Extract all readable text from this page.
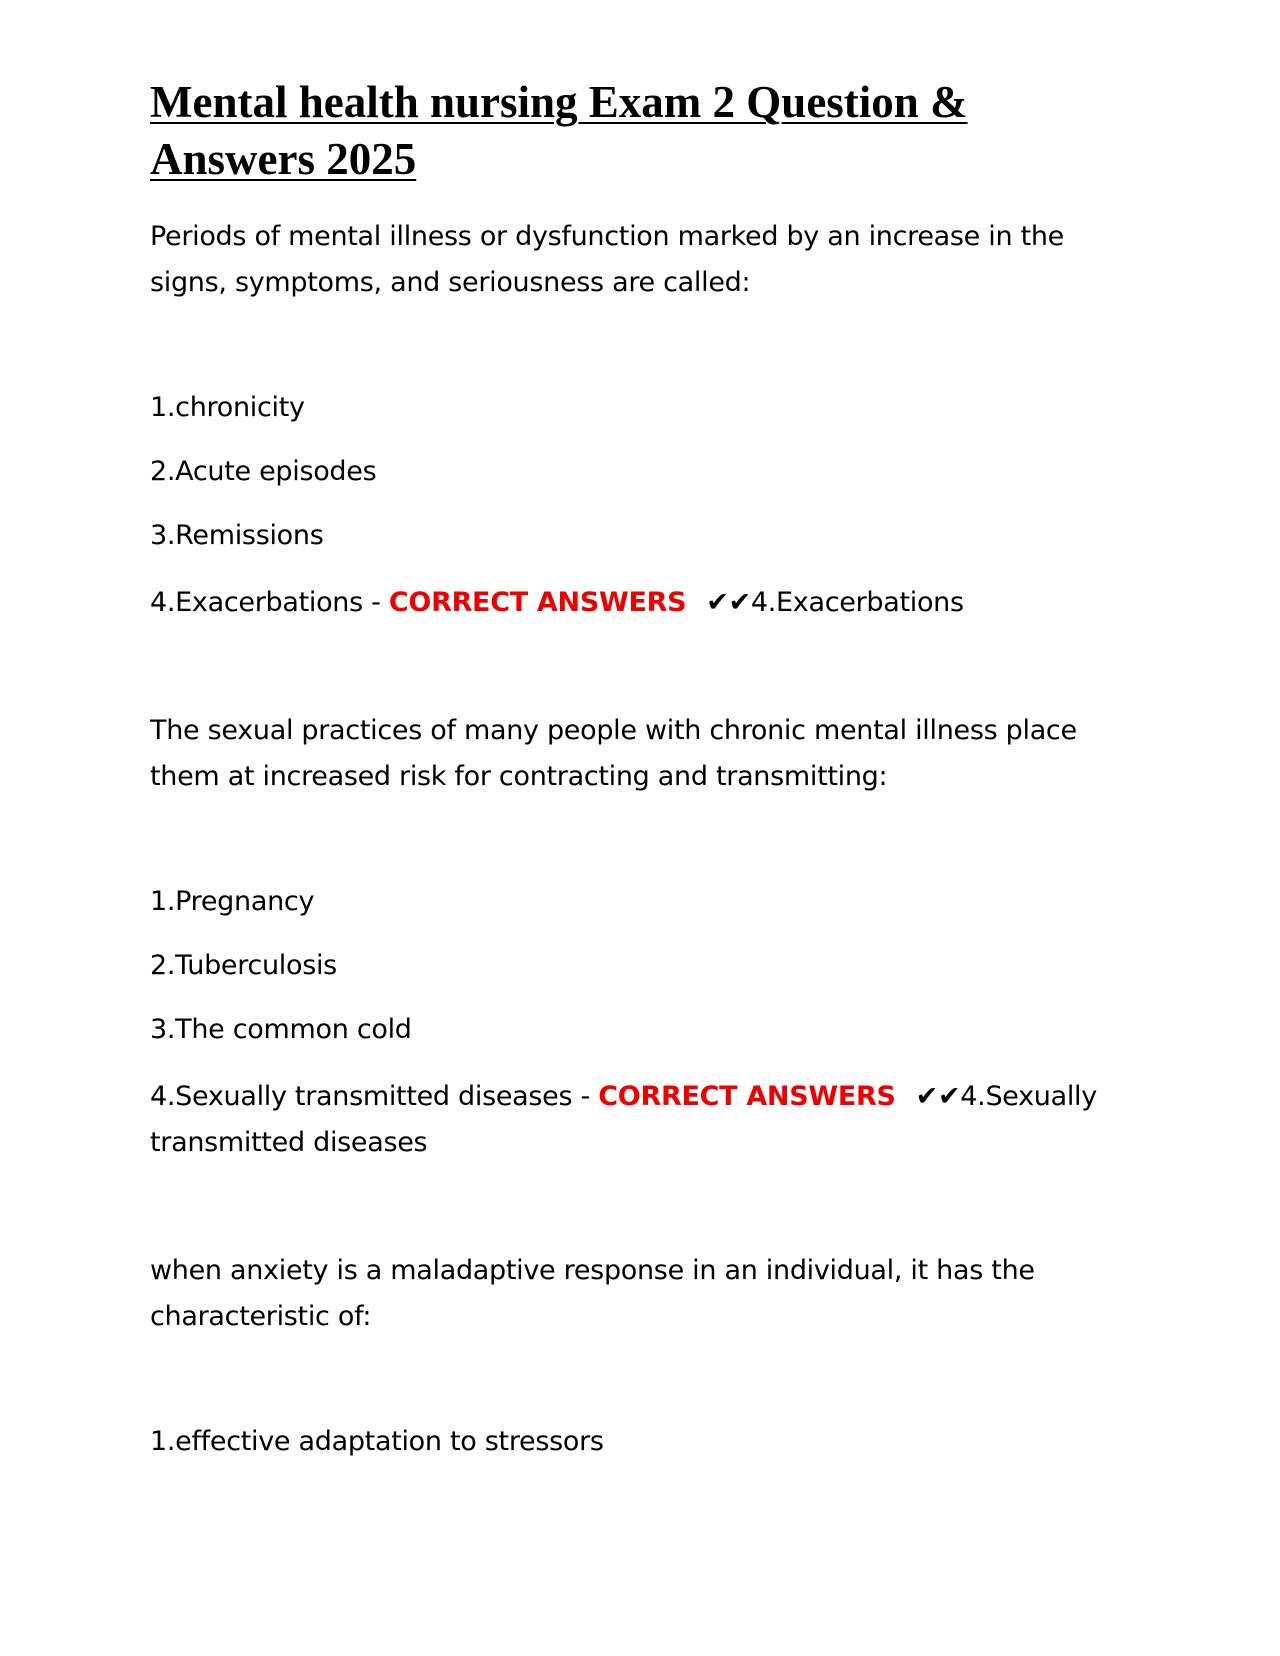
Mental health nursing Exam 2 Question & Answers 2025

Periods of mental illness or dysfunction marked by an increase in the signs, symptoms, and seriousness are called:

1.chronicity

2.Acute episodes

3.Remissions

4.Exacerbations - CORRECT ANSWERS ✔✔4.Exacerbations

The sexual practices of many people with chronic mental illness place them at increased risk for contracting and transmitting:

1.Pregnancy

2.Tuberculosis

3.The common cold

4.Sexually transmitted diseases - CORRECT ANSWERS ✔✔4.Sexually transmitted diseases

when anxiety is a maladaptive response in an individual, it has the characteristic of:

1.effective adaptation to stressors
